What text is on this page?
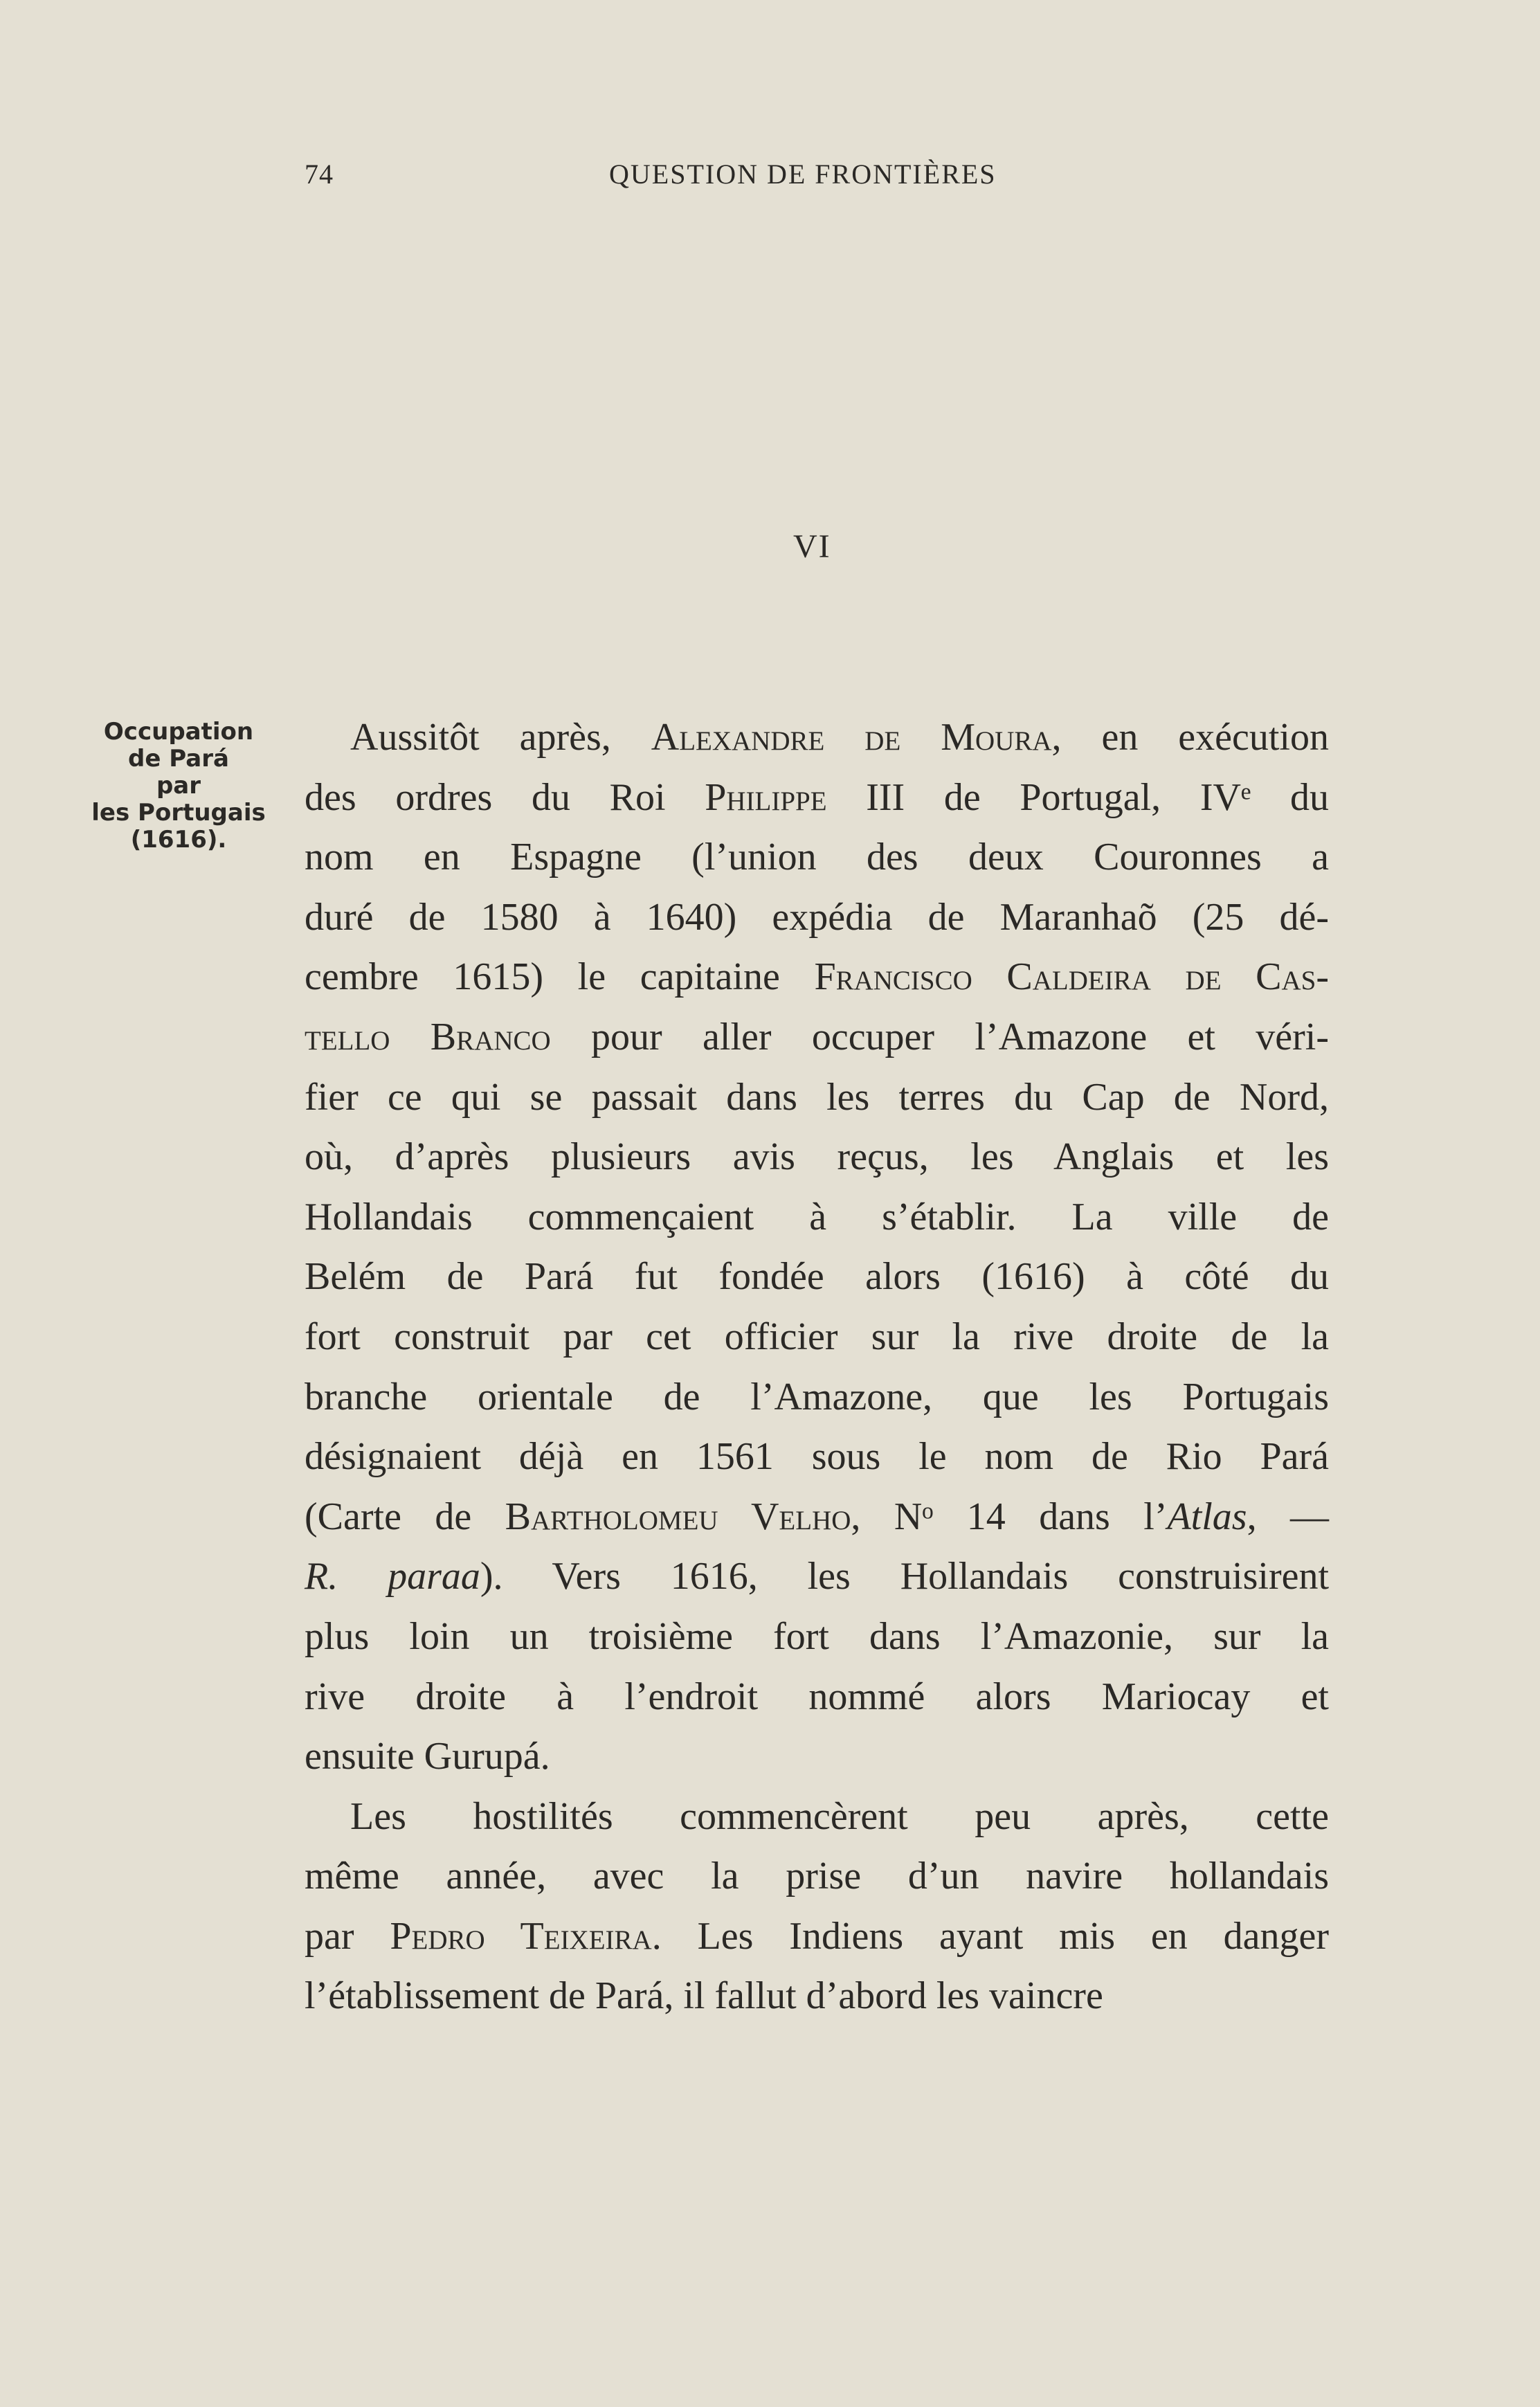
74	QUESTION DE FRONTIÈRES
VI
Occupation
de Pará
par
les Portugais
(1616).
Aussitôt après, Alexandre de Moura, en exécution
des ordres du Roi Philippe III de Portugal, IVᵉ du
nom en Espagne (l’union des deux Couronnes a
duré de 1580 à 1640) expédia de Maranhaõ (25 dé-
cembre 1615) le capitaine Francisco Caldeira de Cas-
tello Branco pour aller occuper l’Amazone et véri-
fier ce qui se passait dans les terres du Cap de Nord,
où, d’après plusieurs avis reçus, les Anglais et les
Hollandais commençaient à s’établir. La ville de
Belém de Pará fut fondée alors (1616) à côté du
fort construit par cet officier sur la rive droite de la
branche orientale de l’Amazone, que les Portugais
désignaient déjà en 1561 sous le nom de Rio Pará
(Carte de Bartholomeu Velho, Nᵒ 14 dans l’Atlas, —
R. paraa). Vers 1616, les Hollandais construisirent
plus loin un troisième fort dans l’Amazonie, sur la
rive droite à l’endroit nommé alors Mariocay et
ensuite Gurupá.
Les hostilités commencèrent peu après, cette
même année, avec la prise d’un navire hollandais
par Pedro Teixeira. Les Indiens ayant mis en danger
l’établissement de Pará, il fallut d’abord les vaincre
